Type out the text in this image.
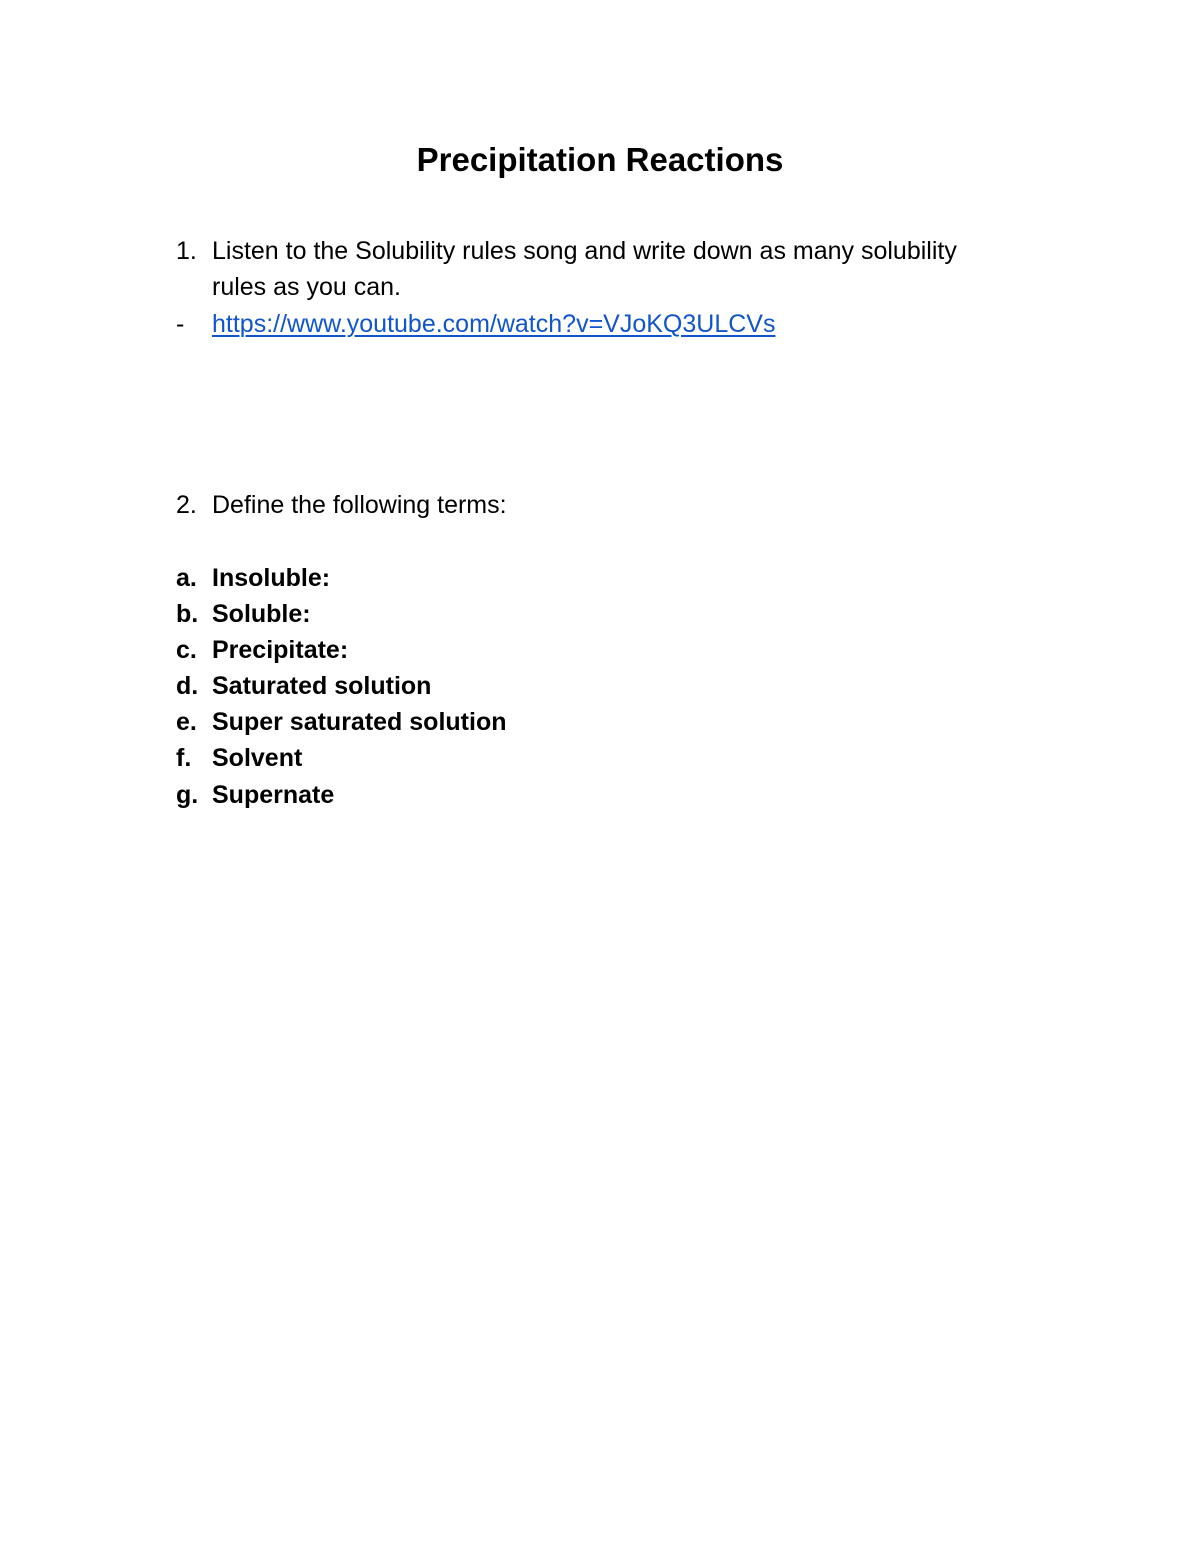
Precipitation Reactions
1. Listen to the Solubility rules song and write down as many solubility
rules as you can.
- https://www.youtube.com/watch?v=VJoKQ3ULCVs
2. Define the following terms:
a. Insoluble:
b. Soluble:
c. Precipitate:
d. Saturated solution
e. Super saturated solution
f. Solvent
g. Supernate
